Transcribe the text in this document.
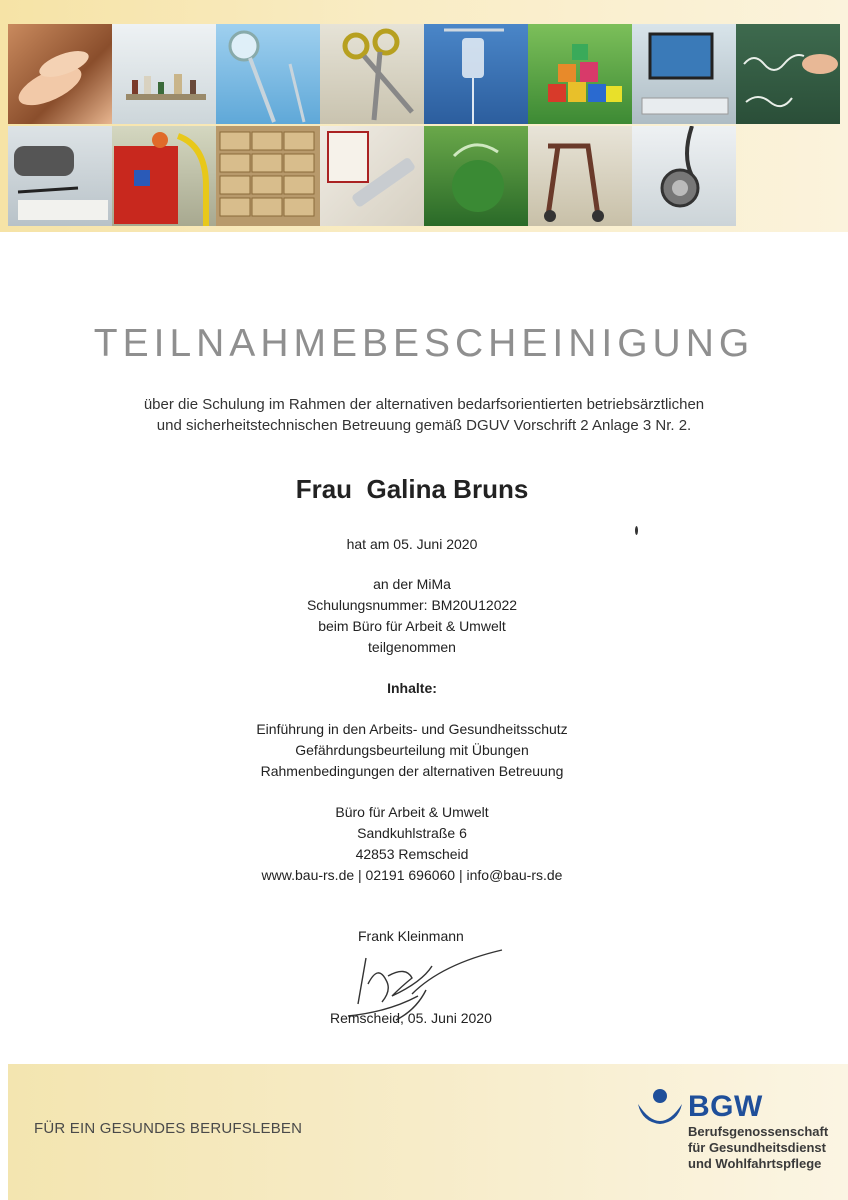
TEILNAHMEBESCHEINIGUNG
über die Schulung im Rahmen der alternativen bedarfsorientierten betriebsärztlichen
und sicherheitstechnischen Betreuung gemäß DGUV Vorschrift 2 Anlage 3 Nr. 2.
Frau  Galina Bruns
hat am 05. Juni 2020
an der MiMa
Schulungsnummer: BM20U12022
beim Büro für Arbeit & Umwelt
teilgenommen
Inhalte:
Einführung in den Arbeits- und Gesundheitsschutz
Gefährdungsbeurteilung mit Übungen
Rahmenbedingungen der alternativen Betreuung
Büro für Arbeit & Umwelt
Sandkuhlstraße 6
42853 Remscheid
www.bau-rs.de | 02191 696060 | info@bau-rs.de
Frank Kleinmann
Remscheid, 05. Juni 2020
FÜR EIN GESUNDES BERUFSLEBEN
BGW
Berufsgenossenschaft
für Gesundheitsdienst
und Wohlfahrtspflege
